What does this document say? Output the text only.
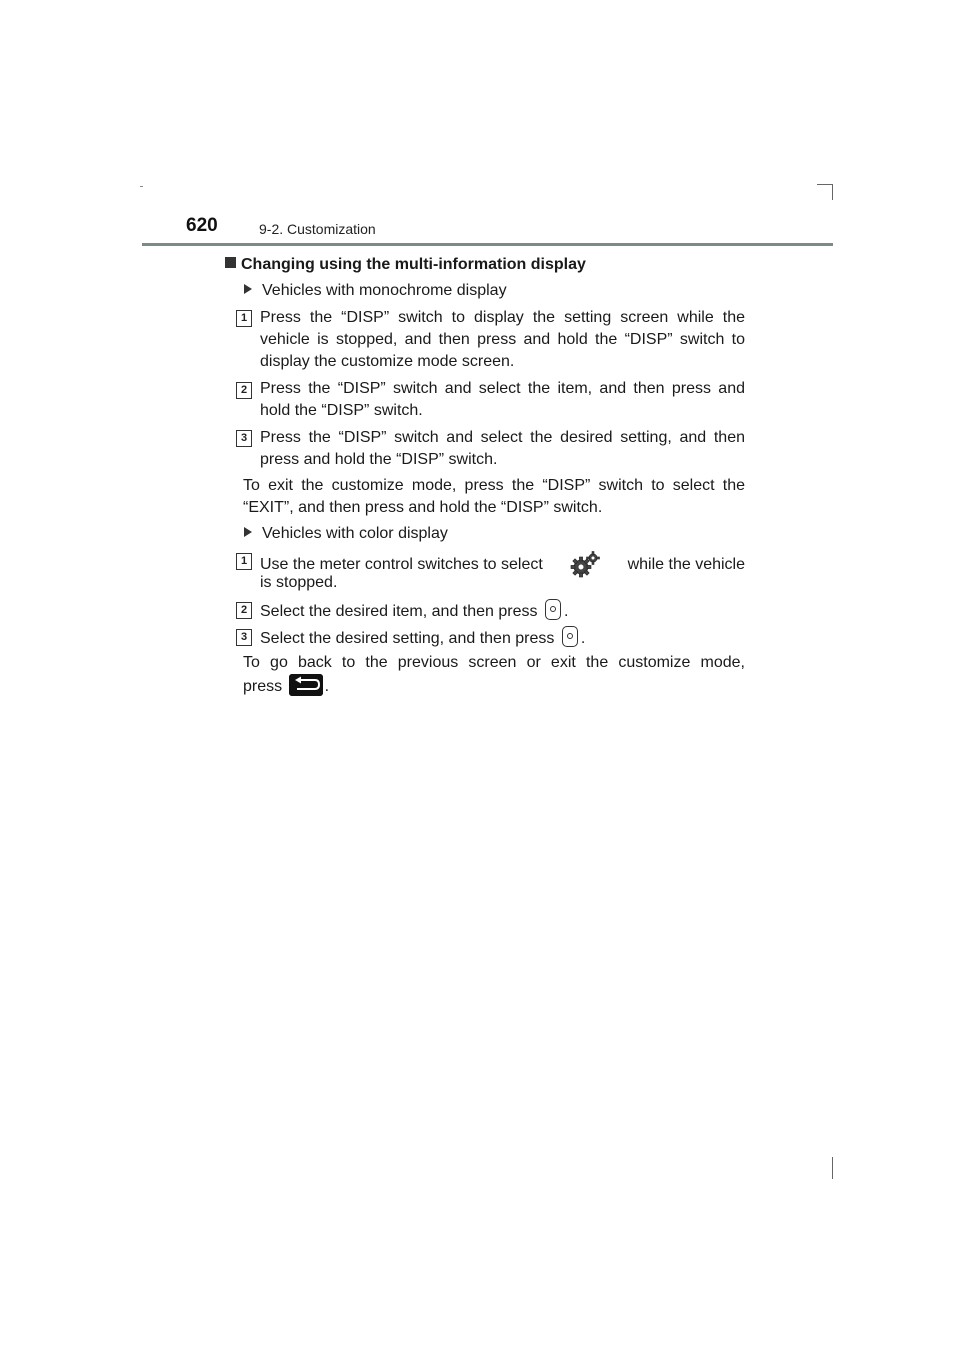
620	9-2. Customization
Changing using the multi-information display
Vehicles with monochrome display
1 Press the “DISP” switch to display the setting screen while the
vehicle is stopped, and then press and hold the “DISP” switch to
display the customize mode screen.
2 Press the “DISP” switch and select the item, and then press and
hold the “DISP” switch.
3 Press the “DISP” switch and select the desired setting, and then
press and hold the “DISP” switch.
To exit the customize mode, press the “DISP” switch to select the
“EXIT”, and then press and hold the “DISP” switch.
Vehicles with color display
1 Use the meter control switches to select	while the vehicle
is stopped.
2 Select the desired item, and then press .
3 Select the desired setting, and then press .
To go back to the previous screen or exit the customize mode,
press	.
